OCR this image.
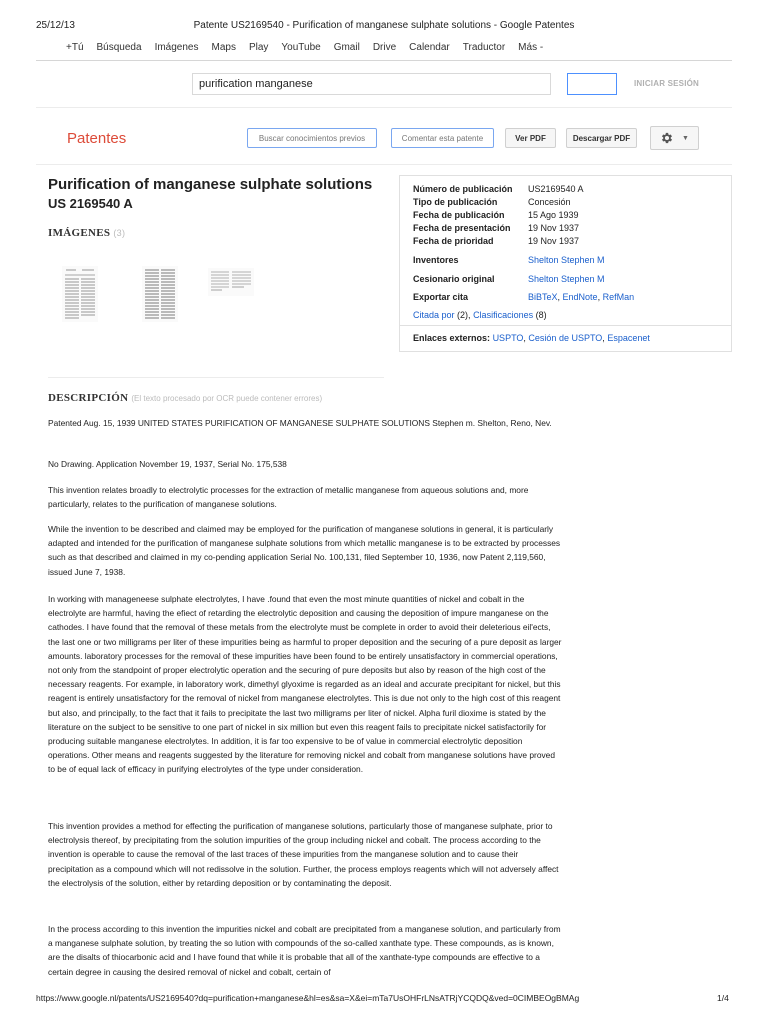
25/12/13	Patente US2169540 - Purification of manganese sulphate solutions - Google Patentes
+Tú Búsqueda Imágenes Maps Play YouTube Gmail Drive Calendar Traductor Más -
purification manganese	INICIAR SESIÓN
Patentes	Buscar conocimientos previos	Comentar esta patente	Ver PDF	Descargar PDF	▼
Purification of manganese sulphate solutions
US 2169540 A
IMÁGENES (3)
Número de publicación US2169540 A
Tipo de publicación	Concesión
Fecha de publicación	15 Ago 1939
Fecha de presentación 19 Nov 1937
Fecha de prioridad	19 Nov 1937
Inventores	Shelton Stephen M
Cesionario original	Shelton Stephen M
Exportar cita	BiBTeX, EndNote, RefMan
Citada por (2), Clasificaciones (8)
Enlaces externos: USPTO, Cesión de USPTO, Espacenet
DESCRIPCIÓN (El texto procesado por OCR puede contener errores)
Patented Aug. 15, 1939 UNITED STATES PURIFICATION OF MANGANESE SULPHATE SOLUTIONS Stephen m. Shelton, Reno, Nev.
No Drawing. Application November 19, 1937, Serial No. 175,538
This invention relates broadly to electrolytic processes for the extraction of metallic manganese from aqueous solutions and, more particularly, relates to the purification of manganese solutions.
While the invention to be described and claimed may be employed for the purification of manganese solutions in general, it is particularly adapted and intended for the purification of manganese sulphate solutions from which metallic manganese is to be extracted by processes such as that described and claimed in my co-pending application Serial No. 100,131, filed September 10, 1936, now Patent 2,119,560, issued June 7, 1938.
In working with manageneese sulphate electrolytes, I have .found that even the most minute quantities of nickel and cobalt in the electrolyte are harmful, having the efiect of retarding the electrolytic deposition and causing the deposition of impure manganese on the cathodes. I have found that the removal of these metals from the electrolyte must be complete in order to avoid their deleterious eil'ects, the last one or two milligrams per liter of these impurities being as harmful to proper deposition and the securing of a pure deposit as larger amounts. laboratory processes for the removal of these impurities have been found to be entirely unsatisfactory in commercial operations, not only from the standpoint of proper electrolytic operation and the securing of pure deposits but also by reason of the high cost of the necessary reagents. For example, in laboratory work, dimethyl glyoxime is regarded as an ideal and accurate precipitant for nickel, but this reagent is entirely unsatisfactory for the removal of nickel from manganese electrolytes. This is due not only to the high cost of this reagent but also, and principally, to the fact that it fails to precipitate the last two milligrams per liter of nickel. Alpha furil dioxime is stated by the literature on the subject to be sensitive to one part of nickel in six million but even this reagent fails to precipitate nickel satisfactorily for producing suitable manganese electrolytes. In addition, it is far too expensive to be of value in commercial electrolytic deposition operations. Other means and reagents suggested by the literature for removing nickel and cobalt from manganese solutions have proved to be of equal lack of efficacy in purifying electrolytes of the type under consideration.
This invention provides a method for effecting the purification of manganese solutions, particularly those of manganese sulphate, prior to electrolysis thereof, by precipitating from the solution impurities of the group including nickel and cobalt. The process according to the invention is operable to cause the removal of the last traces of these impurities from the manganese solution and to cause their precipitation as a compound which will not redissolve in the solution. Further, the process employs reagents which will not adversely affect the electrolysis of the solution, either by retarding deposition or by contaminating the deposit.
In the process according to this invention the impurities nickel and cobalt are precipitated from a manganese solution, and particularly from a manganese sulphate solution, by treating the so lution with compounds of the so-called xanthate type. These compounds, as is known, are the disalts of thiocarbonic acid and I have found that while it is probable that all of the xanthate-type compounds are effective to a certain degree in causing the desired removal of nickel and cobalt, certain of
https://www.google.nl/patents/US2169540?dq=purification+manganese&hl=es&sa=X&ei=mTa7UsOHFrLNsATRjYCQDQ&ved=0CIMBEOgBMAg	1/4
